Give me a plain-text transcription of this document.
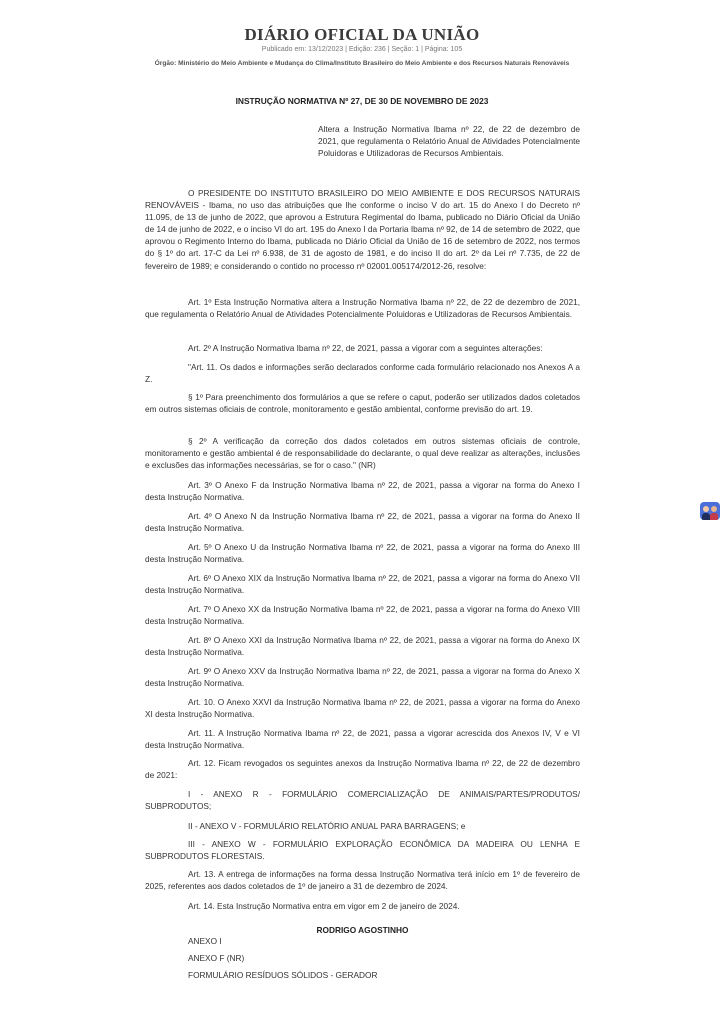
DIÁRIO OFICIAL DA UNIÃO
Publicado em: 13/12/2023 | Edição: 236 | Seção: 1 | Página: 105
Órgão: Ministério do Meio Ambiente e Mudança do Clima/Instituto Brasileiro do Meio Ambiente e dos Recursos Naturais Renováveis
INSTRUÇÃO NORMATIVA Nº 27, DE 30 DE NOVEMBRO DE 2023
Altera a Instrução Normativa Ibama nº 22, de 22 de dezembro de 2021, que regulamenta o Relatório Anual de Atividades Potencialmente Poluidoras e Utilizadoras de Recursos Ambientais.

O PRESIDENTE DO INSTITUTO BRASILEIRO DO MEIO AMBIENTE E DOS RECURSOS NATURAIS RENOVÁVEIS - Ibama, no uso das atribuições que lhe conforme o inciso V do art. 15 do Anexo I do Decreto nº 11.095, de 13 de junho de 2022, que aprovou a Estrutura Regimental do Ibama, publicado no Diário Oficial da União de 14 de junho de 2022, e o inciso VI do art. 195 do Anexo I da Portaria Ibama nº 92, de 14 de setembro de 2022, que aprovou o Regimento Interno do Ibama, publicada no Diário Oficial da União de 16 de setembro de 2022, nos termos do § 1º do art. 17-C da Lei nº 6.938, de 31 de agosto de 1981, e do inciso II do art. 2º da Lei nº 7.735, de 22 de fevereiro de 1989; e considerando o contido no processo nº 02001.005174/2012-26, resolve:

Art. 1º Esta Instrução Normativa altera a Instrução Normativa Ibama nº 22, de 22 de dezembro de 2021, que regulamenta o Relatório Anual de Atividades Potencialmente Poluidoras e Utilizadoras de Recursos Ambientais.

Art. 2º A Instrução Normativa Ibama nº 22, de 2021, passa a vigorar com a seguintes alterações:

"Art. 11. Os dados e informações serão declarados conforme cada formulário relacionado nos Anexos A a Z.

§ 1º Para preenchimento dos formulários a que se refere o caput, poderão ser utilizados dados coletados em outros sistemas oficiais de controle, monitoramento e gestão ambiental, conforme previsão do art. 19.

§ 2º A verificação da correção dos dados coletados em outros sistemas oficiais de controle, monitoramento e gestão ambiental é de responsabilidade do declarante, o qual deve realizar as alterações, inclusões e exclusões das informações necessárias, se for o caso." (NR)

Art. 3º O Anexo F da Instrução Normativa Ibama nº 22, de 2021, passa a vigorar na forma do Anexo I desta Instrução Normativa.

Art. 4º O Anexo N da Instrução Normativa Ibama nº 22, de 2021, passa a vigorar na forma do Anexo II desta Instrução Normativa.

Art. 5º O Anexo U da Instrução Normativa Ibama nº 22, de 2021, passa a vigorar na forma do Anexo III desta Instrução Normativa.

Art. 6º O Anexo XIX da Instrução Normativa Ibama nº 22, de 2021, passa a vigorar na forma do Anexo VII desta Instrução Normativa.

Art. 7º O Anexo XX da Instrução Normativa Ibama nº 22, de 2021, passa a vigorar na forma do Anexo VIII desta Instrução Normativa.

Art. 8º O Anexo XXI da Instrução Normativa Ibama nº 22, de 2021, passa a vigorar na forma do Anexo IX desta Instrução Normativa.

Art. 9º O Anexo XXV da Instrução Normativa Ibama nº 22, de 2021, passa a vigorar na forma do Anexo X desta Instrução Normativa.

Art. 10. O Anexo XXVI da Instrução Normativa Ibama nº 22, de 2021, passa a vigorar na forma do Anexo XI desta Instrução Normativa.

Art. 11. A Instrução Normativa Ibama nº 22, de 2021, passa a vigorar acrescida dos Anexos IV, V e VI desta Instrução Normativa.

Art. 12. Ficam revogados os seguintes anexos da Instrução Normativa Ibama nº 22, de 22 de dezembro de 2021:

I - ANEXO R - FORMULÁRIO COMERCIALIZAÇÃO DE ANIMAIS/PARTES/PRODUTOS/ SUBPRODUTOS;

II - ANEXO V - FORMULÁRIO RELATÓRIO ANUAL PARA BARRAGENS; e

III - ANEXO W - FORMULÁRIO EXPLORAÇÃO ECONÔMICA DA MADEIRA OU LENHA E SUBPRODUTOS FLORESTAIS.

Art. 13. A entrega de informações na forma dessa Instrução Normativa terá início em 1º de fevereiro de 2025, referentes aos dados coletados de 1º de janeiro a 31 de dezembro de 2024.

Art. 14. Esta Instrução Normativa entra em vigor em 2 de janeiro de 2024.

RODRIGO AGOSTINHO
ANEXO I
ANEXO F (NR)
FORMULÁRIO RESÍDUOS SÓLIDOS - GERADOR
